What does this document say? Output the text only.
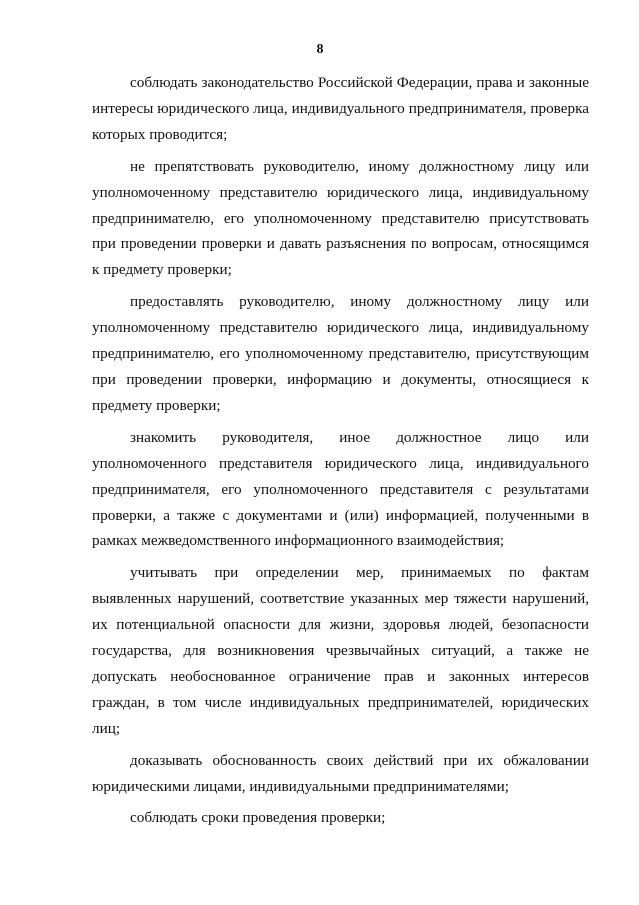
8

соблюдать законодательство Российской Федерации, права и законные интересы юридического лица, индивидуального предпринимателя, проверка которых проводится;

не препятствовать руководителю, иному должностному лицу или уполномоченному представителю юридического лица, индивидуальному предпринимателю, его уполномоченному представителю присутствовать при проведении проверки и давать разъяснения по вопросам, относящимся к предмету проверки;

предоставлять руководителю, иному должностному лицу или уполномоченному представителю юридического лица, индивидуальному предпринимателю, его уполномоченному представителю, присутствующим при проведении проверки, информацию и документы, относящиеся к предмету проверки;

знакомить руководителя, иное должностное лицо или уполномоченного представителя юридического лица, индивидуального предпринимателя, его уполномоченного представителя с результатами проверки, а также с документами и (или) информацией, полученными в рамках межведомственного информационного взаимодействия;

учитывать при определении мер, принимаемых по фактам выявленных нарушений, соответствие указанных мер тяжести нарушений, их потенциальной опасности для жизни, здоровья людей, безопасности государства, для возникновения чрезвычайных ситуаций, а также не допускать необоснованное ограничение прав и законных интересов граждан, в том числе индивидуальных предпринимателей, юридических лиц;

доказывать обоснованность своих действий при их обжаловании юридическими лицами, индивидуальными предпринимателями;

соблюдать сроки проведения проверки;
